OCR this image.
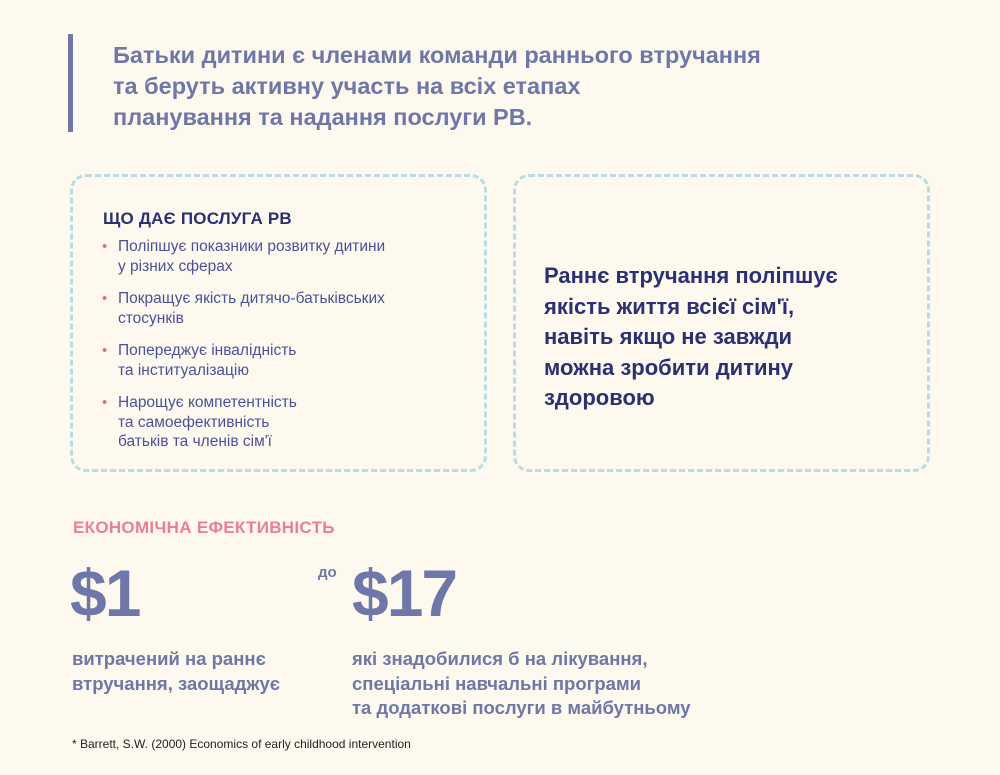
Батьки дитини є членами команди раннього втручання
та беруть активну участь на всіх етапах
планування та надання послуги РВ.

ЩО ДАЄ ПОСЛУГА РВ
• Поліпшує показники розвитку дитини
у різних сферах
• Покращує якість дитячо-батьківських
стосунків
• Попереджує інвалідність
та інституалізацію
• Нарощує компетентність
та самоефективність
батьків та членів сім'ї

Раннє втручання поліпшує
якість життя всієї сім'ї,
навіть якщо не завжди
можна зробити дитину
здоровою

ЕКОНОМІЧНА ЕФЕКТИВНІСТЬ
$1	до $17

витрачений на раннє
втручання, заощаджує

які знадобилися б на лікування,
спеціальні навчальні програми
та додаткові послуги в майбутньому

* Barrett, S.W. (2000) Economics of early childhood intervention
